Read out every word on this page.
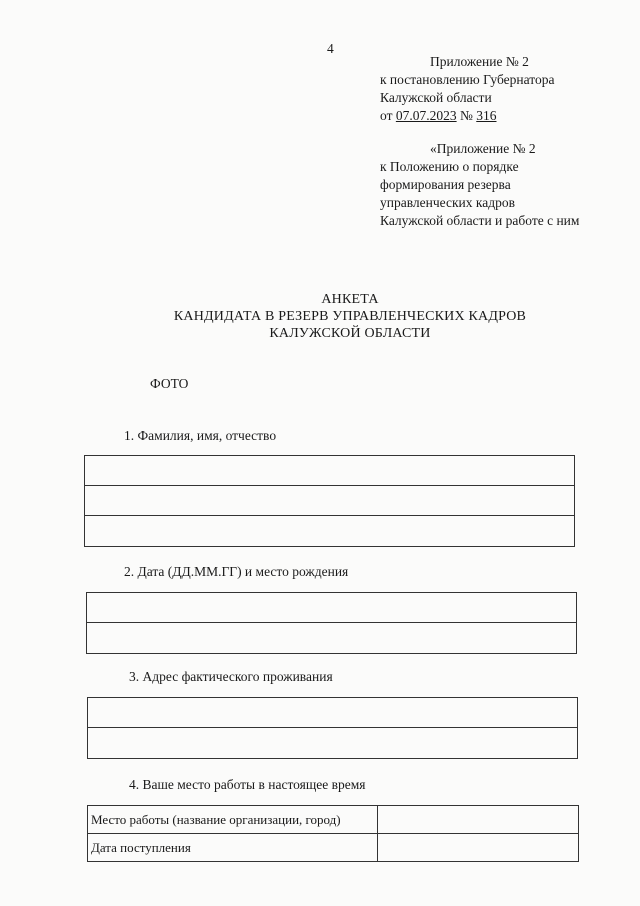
4
Приложение № 2
к постановлению Губернатора
Калужской области
от 07.07.2023 № 316
«Приложение № 2
к Положению о порядке
формирования резерва
управленческих кадров
Калужской области и работе с ним
АНКЕТА
КАНДИДАТА В РЕЗЕРВ УПРАВЛЕНЧЕСКИХ КАДРОВ
КАЛУЖСКОЙ ОБЛАСТИ
ФОТО
1. Фамилия, имя, отчество
2. Дата (ДД.ММ.ГГ) и место рождения
3. Адрес фактического проживания
4. Ваше место работы в настоящее время
Место работы (название организации, город)
Дата поступления
